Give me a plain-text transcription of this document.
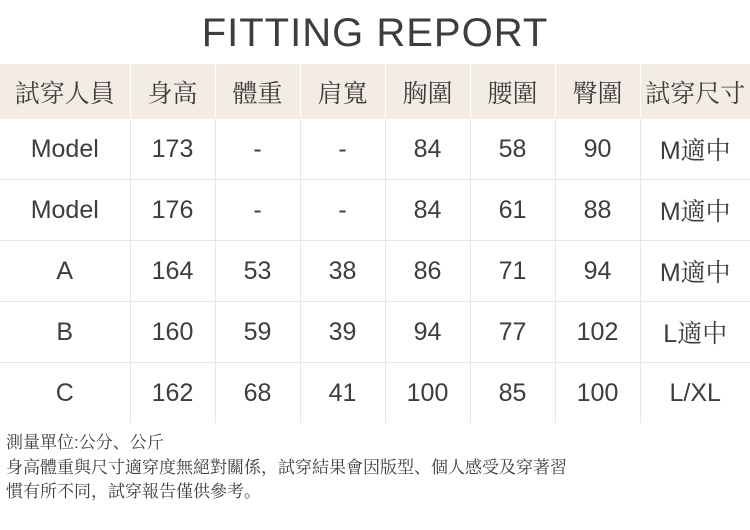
FITTING REPORT
試穿人員	身高	體重	肩寬	胸圍	腰圍	臀圍	試穿尺寸
Model	173	-	-	84	58	90	M適中
Model	176	-	-	84	61	88	M適中
A	164	53	38	86	71	94	M適中
B	160	59	39	94	77	102	L適中
C	162	68	41	100	85	100	L/XL
測量單位:公分、公斤
身高體重與尺寸適穿度無絕對關係，試穿結果會因版型、個人感受及穿著習
慣有所不同，試穿報告僅供參考。
